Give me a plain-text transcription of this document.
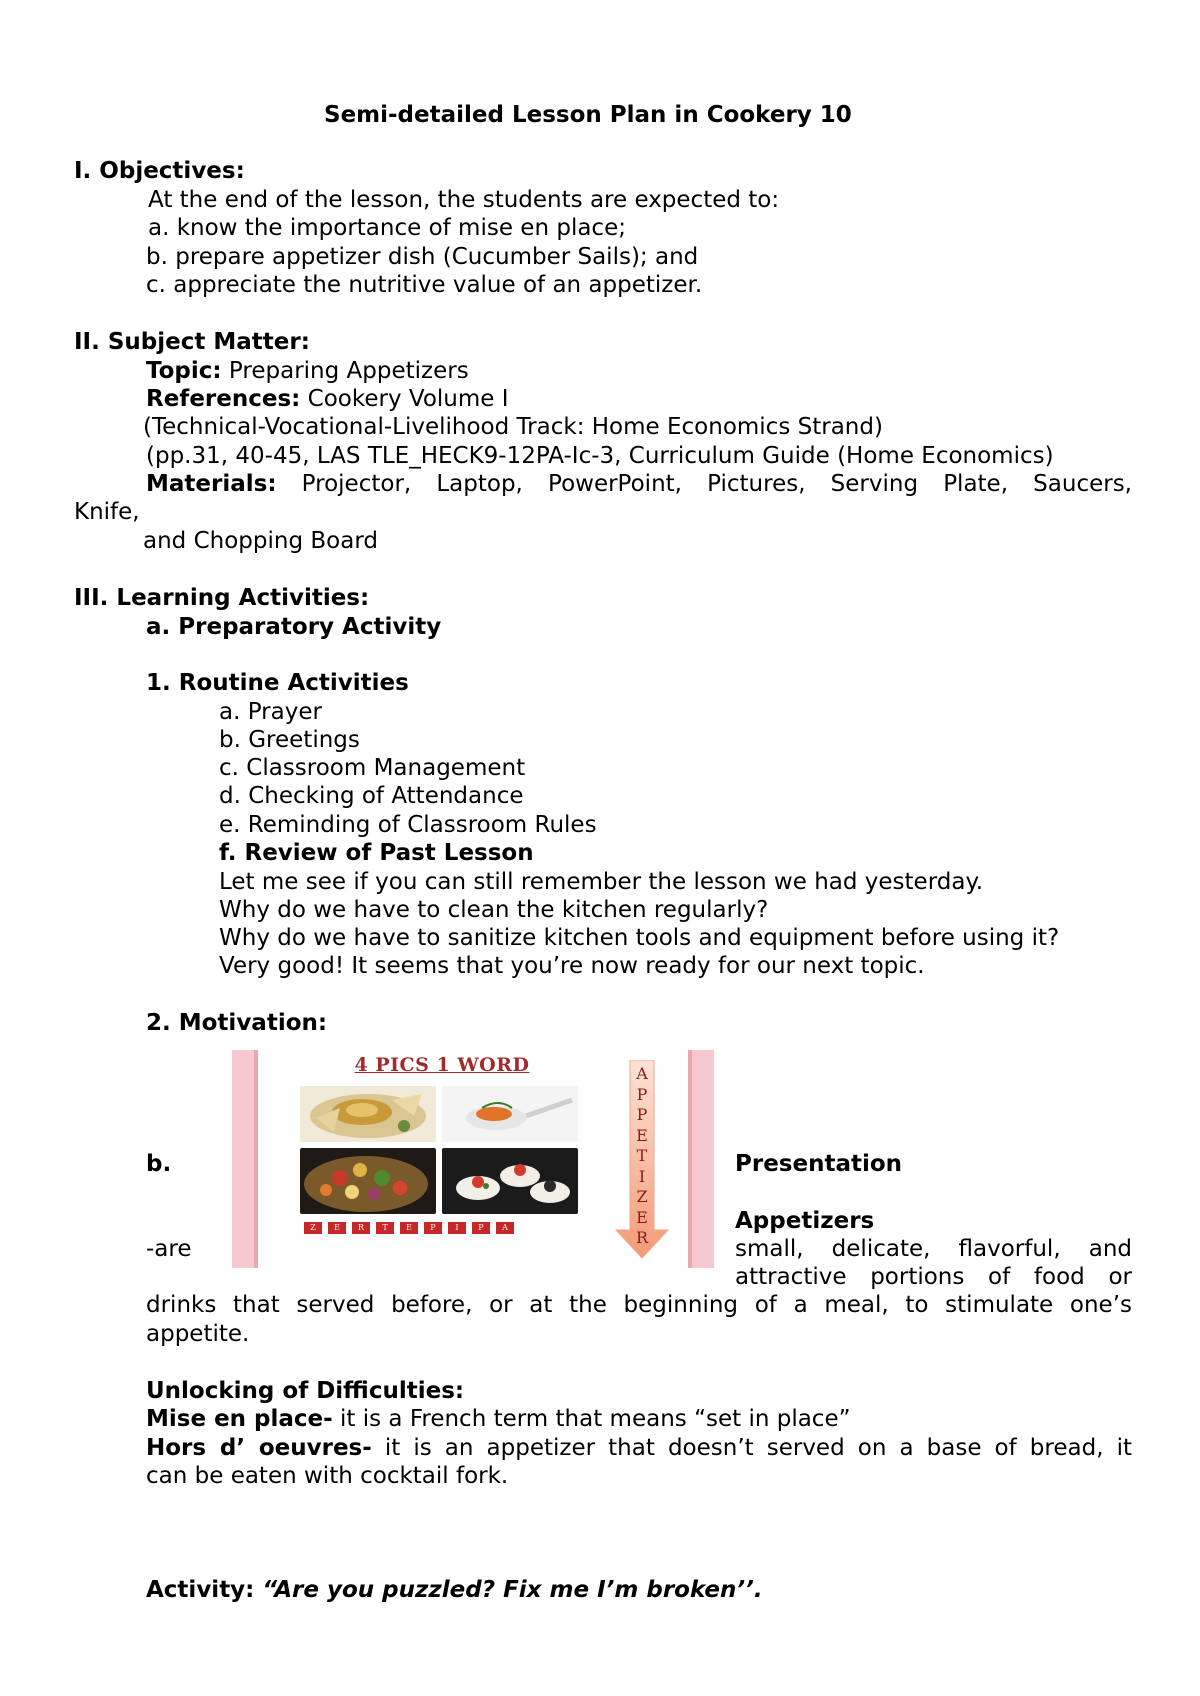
Semi-detailed Lesson Plan in Cookery 10
I. Objectives:
At the end of the lesson, the students are expected to:
a. know the importance of mise en place;
b. prepare appetizer dish (Cucumber Sails); and
c. appreciate the nutritive value of an appetizer.
II. Subject Matter:
Topic: Preparing Appetizers
References: Cookery Volume I
(Technical-Vocational-Livelihood Track: Home Economics Strand)
(pp.31, 40-45, LAS TLE_HECK9-12PA-Ic-3, Curriculum Guide (Home Economics)
Materials: Projector, Laptop, PowerPoint, Pictures, Serving Plate, Saucers,
Knife,
and Chopping Board
III. Learning Activities:
a. Preparatory Activity
1. Routine Activities
a. Prayer
b. Greetings
c. Classroom Management
d. Checking of Attendance
e. Reminding of Classroom Rules
f. Review of Past Lesson
Let me see if you can still remember the lesson we had yesterday.
Why do we have to clean the kitchen regularly?
Why do we have to sanitize kitchen tools and equipment before using it?
Very good! It seems that you’re now ready for our next topic.
2. Motivation:
4 PICS 1 WORD
Z	E	R	T	E	P	I	P	A
A
P
P
E
T
I
Z
E
R
b.	Presentation
Appetizers
-are	small, delicate, flavorful, and
attractive portions of food or
drinks that served before, or at the beginning of a meal, to stimulate one’s
appetite.
Unlocking of Difficulties:
Mise en place- it is a French term that means “set in place”
Hors d’ oeuvres- it is an appetizer that doesn’t served on a base of bread, it
can be eaten with cocktail fork.
Activity: “Are you puzzled? Fix me I’m broken’’.
